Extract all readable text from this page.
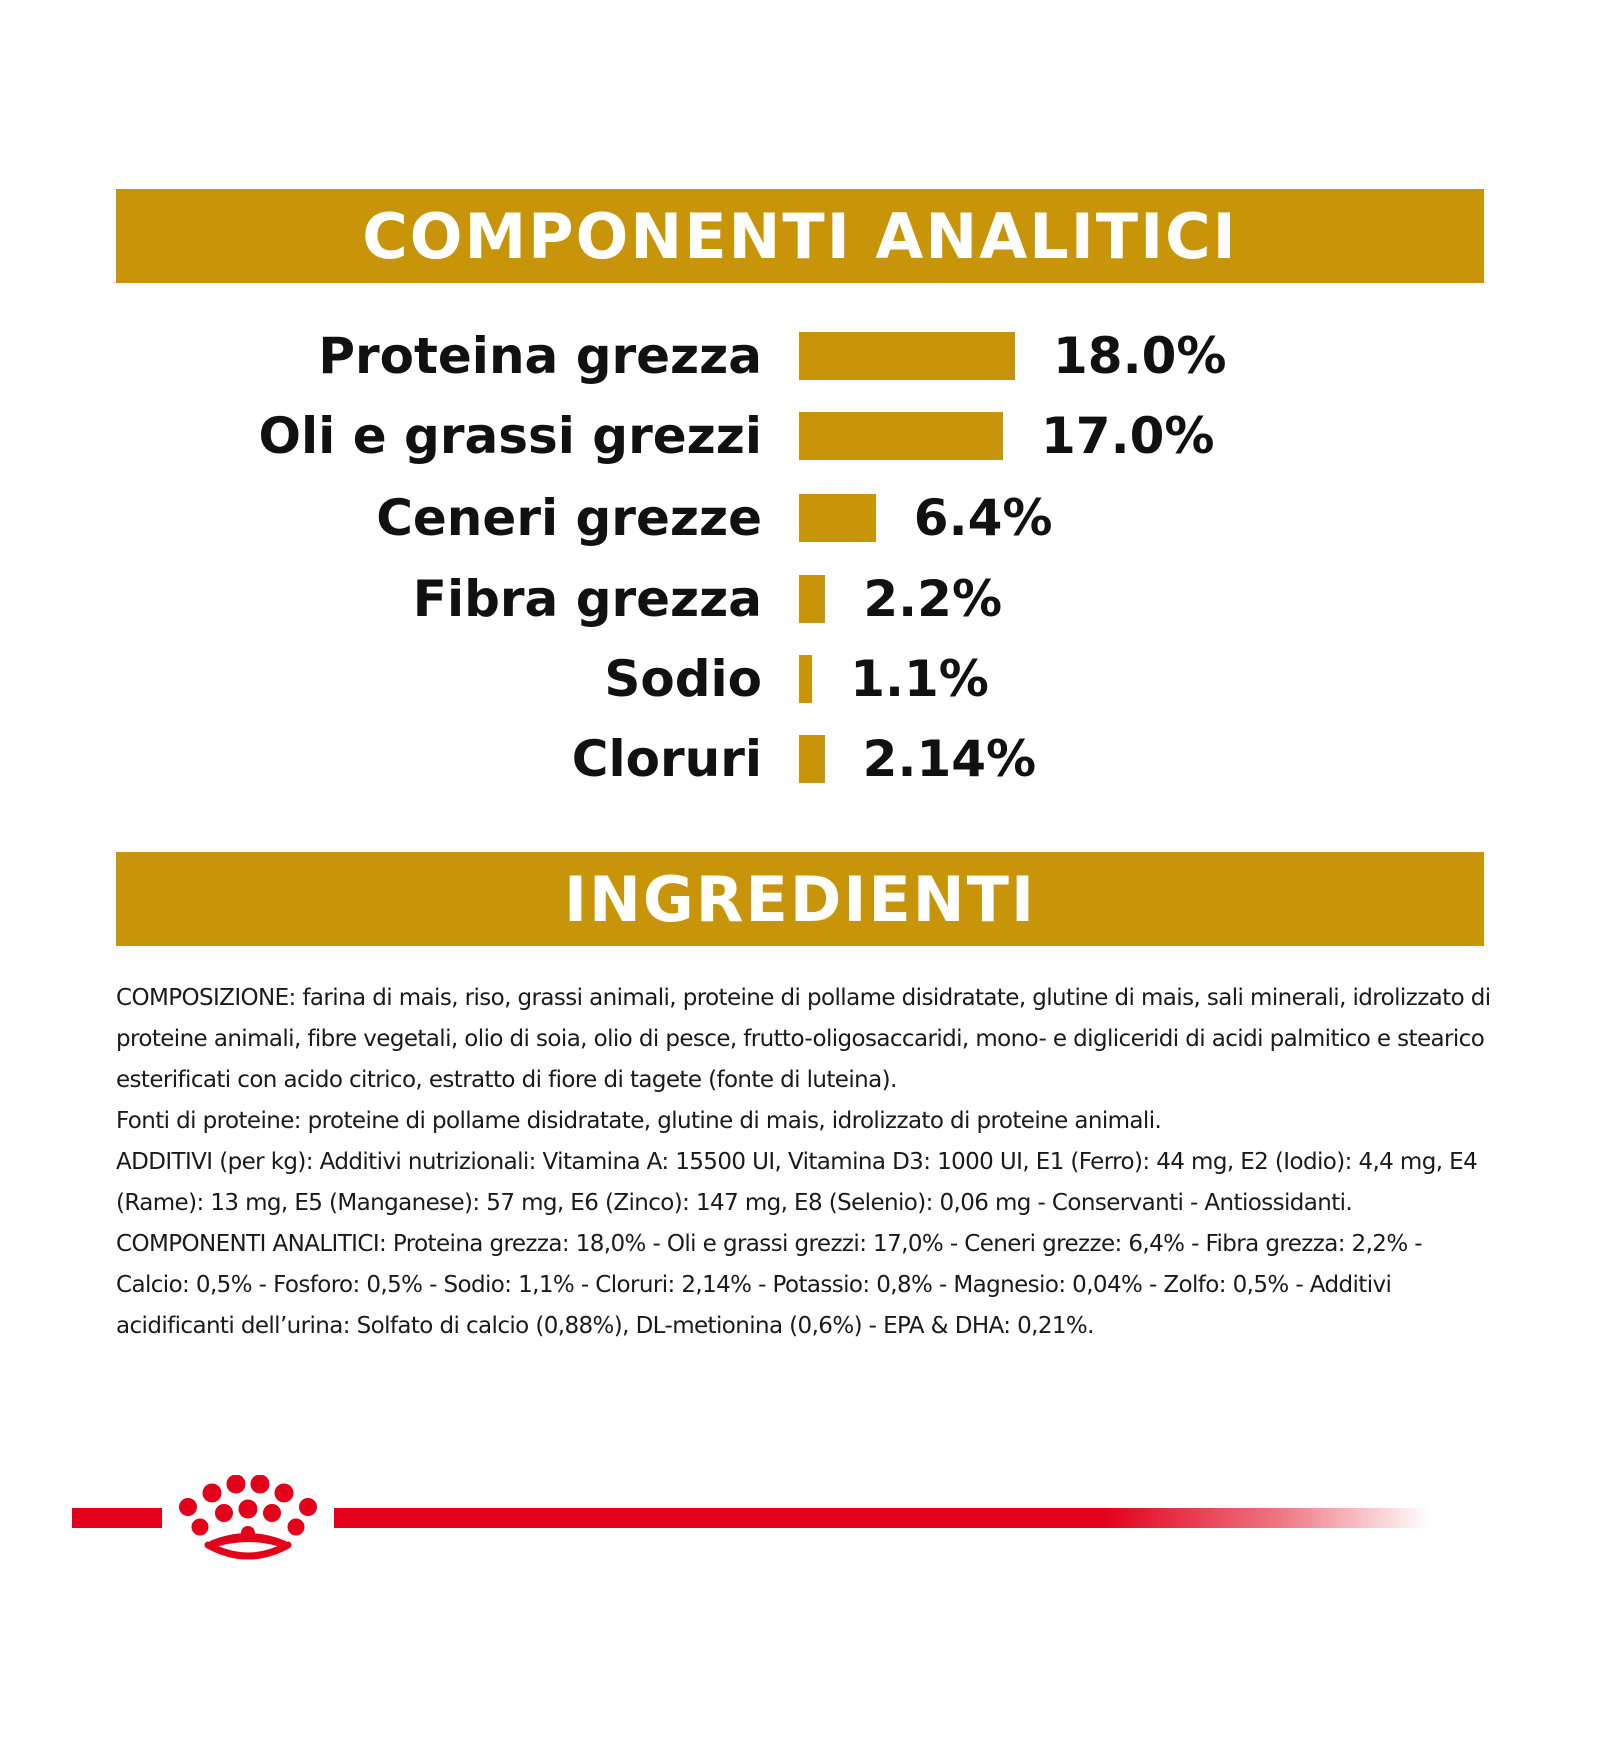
COMPONENTI ANALITICI
Proteina grezza	18.0%
Oli e grassi grezzi	17.0%
Ceneri grezze	6.4%
Fibra grezza 2.2%
Sodio 1.1%
Cloruri 2.14%
INGREDIENTI

COMPOSIZIONE: farina di mais, riso, grassi animali, proteine di pollame disidratate, glutine di mais, sali minerali, idrolizzato di proteine animali, fibre vegetali, olio di soia, olio di pesce, frutto-oligosaccaridi, mono- e digliceridi di acidi palmitico e stearico esterificati con acido citrico, estratto di fiore di tagete (fonte di luteina).

Fonti di proteine: proteine di pollame disidratate, glutine di mais, idrolizzato di proteine animali.

ADDITIVI (per kg): Additivi nutrizionali: Vitamina A: 15500 UI, Vitamina D3: 1000 UI, E1 (Ferro): 44 mg, E2 (Iodio): 4,4 mg, E4 (Rame): 13 mg, E5 (Manganese): 57 mg, E6 (Zinco): 147 mg, E8 (Selenio): 0,06 mg - Conservanti - Antiossidanti.

COMPONENTI ANALITICI: Proteina grezza: 18,0% - Oli e grassi grezzi: 17,0% - Ceneri grezze: 6,4% - Fibra grezza: 2,2% - Calcio: 0,5% - Fosforo: 0,5% - Sodio: 1,1% - Cloruri: 2,14% - Potassio: 0,8% - Magnesio: 0,04% - Zolfo: 0,5% - Additivi acidificanti dell’urina: Solfato di calcio (0,88%), DL-metionina (0,6%) - EPA & DHA: 0,21%.
